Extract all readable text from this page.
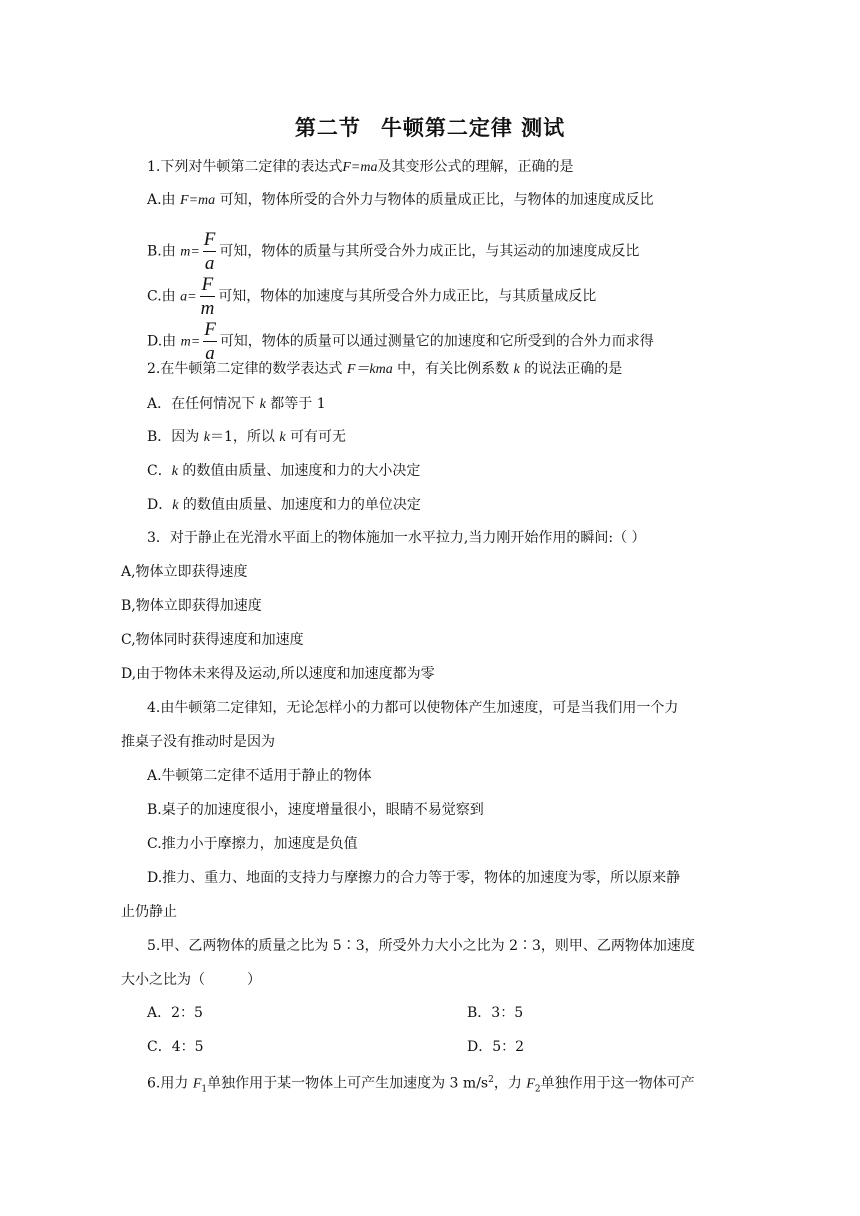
第二节 牛顿第二定律 测试
1.下列对牛顿第二定律的表达式F=ma及其变形公式的理解，正确的是
A.由 F=ma 可知，物体所受的合外力与物体的质量成正比，与物体的加速度成反比
B.由 $m= \frac{F}{a}$ 可知，物体的质量与其所受合外力成正比，与其运动的加速度成反比
C.由 $a= \frac{F}{m}$ 可知，物体的加速度与其所受合外力成正比，与其质量成反比
D.由 $m= \frac{F}{a}$ 可知，物体的质量可以通过测量它的加速度和它所受到的合外力而求得
2.在牛顿第二定律的数学表达式 F＝kma 中，有关比例系数 k 的说法正确的是
A．在任何情况下 k 都等于 1
B．因为 k＝1，所以 k 可有可无
C．k 的数值由质量、加速度和力的大小决定
D．k 的数值由质量、加速度和力的单位决定
3．对于静止在光滑水平面上的物体施加一水平拉力,当力刚开始作用的瞬间:（ ）
A,物体立即获得速度
B,物体立即获得加速度
C,物体同时获得速度和加速度
D,由于物体未来得及运动,所以速度和加速度都为零
4.由牛顿第二定律知，无论怎样小的力都可以使物体产生加速度，可是当我们用一个力
推桌子没有推动时是因为
A.牛顿第二定律不适用于静止的物体
B.桌子的加速度很小，速度增量很小，眼睛不易觉察到
C.推力小于摩擦力，加速度是负值
D.推力、重力、地面的支持力与摩擦力的合力等于零，物体的加速度为零，所以原来静
止仍静止
5.甲、乙两物体的质量之比为 5∶3，所受外力大小之比为 2∶3，则甲、乙两物体加速度
大小之比为（　　　）
A．2：5	B．3：5
C．4：5	D．5：2
6.用力 $F_1$单独作用于某一物体上可产生加速度为 3 $m/s^2$，力 $F_2$单独作用于这一物体可产
